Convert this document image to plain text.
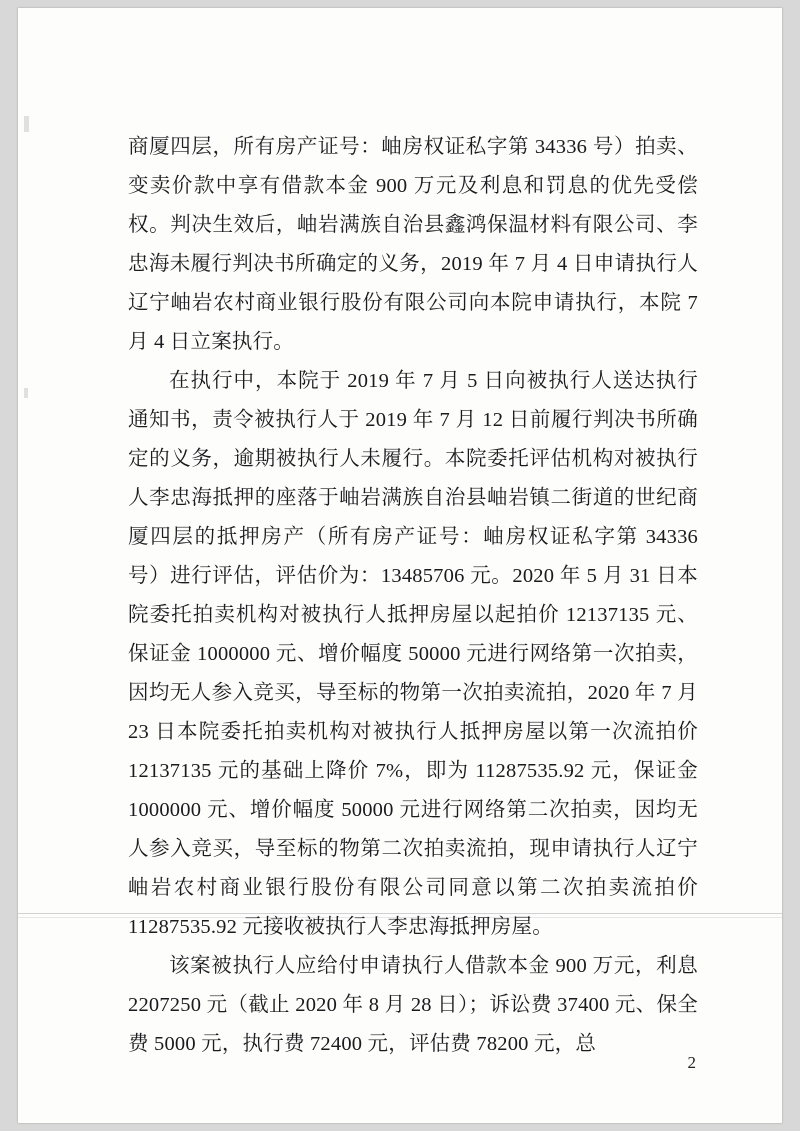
商厦四层，所有房产证号：岫房权证私字第 34336 号）拍卖、变卖价款中享有借款本金 900 万元及利息和罚息的优先受偿权。判决生效后，岫岩满族自治县鑫鸿保温材料有限公司、李忠海未履行判决书所确定的义务，2019 年 7 月 4 日申请执行人辽宁岫岩农村商业银行股份有限公司向本院申请执行，本院 7 月 4 日立案执行。

在执行中，本院于 2019 年 7 月 5 日向被执行人送达执行通知书，责令被执行人于 2019 年 7 月 12 日前履行判决书所确定的义务，逾期被执行人未履行。本院委托评估机构对被执行人李忠海抵押的座落于岫岩满族自治县岫岩镇二街道的世纪商厦四层的抵押房产（所有房产证号：岫房权证私字第 34336 号）进行评估，评估价为：13485706 元。2020 年 5 月 31 日本院委托拍卖机构对被执行人抵押房屋以起拍价 12137135 元、保证金 1000000 元、增价幅度 50000 元进行网络第一次拍卖，因均无人参入竞买，导至标的物第一次拍卖流拍，2020 年 7 月 23 日本院委托拍卖机构对被执行人抵押房屋以第一次流拍价 12137135 元的基础上降价 7%，即为 11287535.92 元，保证金 1000000 元、增价幅度 50000 元进行网络第二次拍卖，因均无人参入竞买，导至标的物第二次拍卖流拍，现申请执行人辽宁岫岩农村商业银行股份有限公司同意以第二次拍卖流拍价 11287535.92 元接收被执行人李忠海抵押房屋。

该案被执行人应给付申请执行人借款本金 900 万元，利息 2207250 元（截止 2020 年 8 月 28 日）；诉讼费 37400 元、保全费 5000 元，执行费 72400 元，评估费 78200 元，总

2
